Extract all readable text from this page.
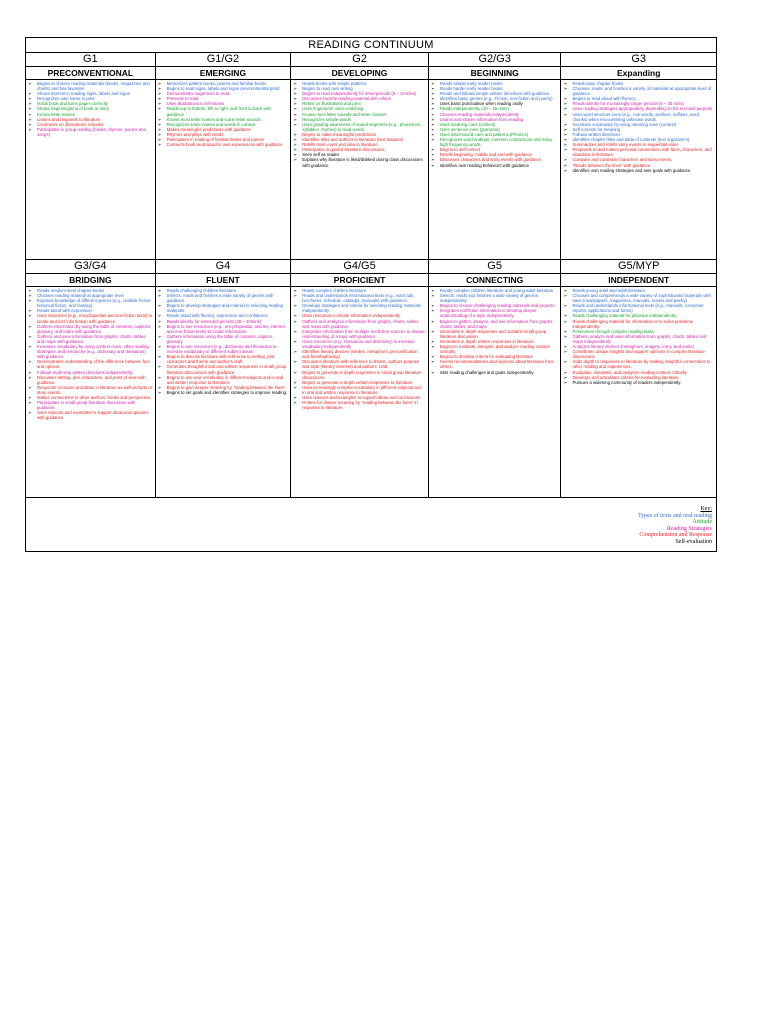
READING CONTINUUM
G1
PRECONVENTIONAL
➢ Begins to choose reading materials (books, magazines and charts) and has favorites
➢ Shows interest in reading signs, labels and logos
➢ Recognizes own name in print
➢ Holds book and turns pages correctly
➢ Shows beginning/end of book or story
➢ Knows letter names
➢ Listens and responds to literature
➢ Comments on illustrations in books
➢ Participates in group reading (books, rhymes, poems and songs)
G1/G2
EMERGING
➢ Memorizes pattern books, poems and familiar books
➢ Begins to read signs, labels and logos (environmental print)
➢ Demonstrates eagerness to read
➢ Pretends to read
➢ Uses illustrations to tell stories
➢ Reads top to bottom, left to right, and front to back with guidance
➢ Knows most letter names and some letter sounds
➢ Recognizes some names and words in context
➢ Makes meaningful predictions with guidance
➢ Rhymes and plays with words
➢ Participates in reading of familiar books and poems
➢ Connects book read aloud to own experiences with guidance
G2
DEVELOPING
➢ Reads books with simple patterns
➢ Begins to read own writing
➢ Begins to read independently for short periods (5 – 10 mins)
➢ Discusses favorite reading material with others
➢ Relies on illustrations and print
➢ Uses finger/print voice matching
➢ Knows most letter sounds and letter clusters
➢ Recognizes simple words
➢ Uses growing awareness of sound segments (e.g., phonemes, syllables, rhymes) to read words
➢ Begins to make meaningful predictions
➢ Identifies titles and authors in literature (text features)
➢ Retells main event and idea in literature
➢ Participates in guided literature discussions
➢ Sees self as reader
➢ Explains why literature is liked/disliked during class discussions with guidance
G2/G3
BEGINNING
➢ Reads simple early reader books
➢ Reads harder early reader books
➢ Reads and follows simple written directions with guidance
➢ Identifies basic genres (e.g., Fiction, non-fiction and poetry)
➢ Uses basic punctuation when reading orally
➢ Reads independently (10 – 15 mins)
➢ Chooses reading materials independently
➢ Learns and shares information from reading
➢ Uses meaning cues (context)
➢ Uses sentence cues (grammar)
➢ Uses letter/sound cues and patterns (Phonics)
➢ Recognizes word endings, common contractions and many high frequency words
➢ Begins to self-correct
➢ Retells beginning, middle and end with guidance
➢ Discusses characters and story events with guidance
➢ Identifies own reading behaviors with guidance
G3
Expanding
➢ Reads easy chapter books
➢ Chooses, reads, and finishes a variety of materials at appropriate level of guidance.
➢ Begins to read aloud with fluency.
➢ Reads silently for increasingly longer periods (5 – 30 mins)
➢ Uses reading strategies appropriately, depending on the text and purpose.
➢ Uses word structure cues (e.g., root words, prefixes, suffixes, word chunks) when encountering unknown words.
➢ Increases vocabulary by using meaning cues (context)
➢ Self corrects for meaning
➢ Follows written directions
➢ Identifies chapter titles and table of contents (text organizer's)
➢ Summarizes and retells story events in sequential order.
➢ Responds to and makes personal connections with facts, characters, and situations in literature.
➢ Compare and contrasts characters and story events.
➢ "Reads between the lines" with guidance.
➢ Identifies own reading strategies and sets goals with guidance.
G3/G4
BRIDGING
➢ Reads medium level chapter books
➢ Chooses reading material at appropriate level
➢ Expands knowledge of different genres (e.g., realistic fiction, historical fiction, and fantasy)
➢ Reads aloud with expression
➢ Uses resources (e.g., encyclopedias and non-fiction texts) to locate and sort information with guidance.
➢ Gathers information by using the table of contents, captions, glossary, and index with guidance.
➢ Gathers and uses information from graphs, charts, tables and maps with guidance.
➢ Increases vocabulary by using context clues, other reading strategies, and resources (e.g., dictionary and thesaurus) with guidance.
➢ Demonstrates understanding of the difference between fact and opinion.
➢ Follows multi-step written directions independently.
➢ Discusses setting, plot, characters, and point of view with guidance.
➢ Responds to issues and ideas in literature as well as facts or story events.
➢ Makes connections to other authors, books and perspective.
➢ Participates in small group literature discussion with guidance.
➢ Uses reasons and examples to support ideas and opinions with guidance.
G4
FLUENT
➢ Reads challenging children literature.
➢ Selects, reads and finishes a wide variety of genres with guidance.
➢ Begins to develop strategies and criteria for selecting reading materials.
➢ Reads aloud with fluency, expression and confidence.
➢ Reads silently for extended periods (30 – 40mins)
➢ Begins to use resources (e.g., encyclopedias, articles, internet, and non-fiction texts) to locate information.
➢ Gathers information using the table of contents, caption, glossary.
➢ Begins to use resources (e.g., dictionary and thesaurus to increase vocabulary in different subject areas.
➢ Begins to discuss literature with reference to setting, plot, characters and theme and author's craft.
➢ Generates thoughtful oral and written responses in small group literature discussions with guidance.
➢ Begins to use new vocabulary in different subjects and in oral and written response to literature.
➢ Begins to gain deeper meaning by "reading between the lines"
➢ Begins to set goals and identifies strategies to improve reading.
G4/G5
PROFICIENT
➢ Reads complex children literature.
➢ Reads and understands informational texts (e.g., want ads, brochures, schedule, catalogs, manuals) with guidance.
➢ Develops strategies and criteria for selecting reading materials independently.
➢ Uses resources to locate information independently.
➢ Gathers and analyzes information from graphs, charts, tables and maps with guidance.
➢ Integrates information from multiple nonfiction sources to deepen understanding of a topic with guidance.
➢ Uses resources (e.g., thesaurus and dictionary) to increase vocabulary independently.
➢ Identifies literary devices (similes, metaphors, personification and foreshadowing)
➢ Discusses literature with reference to theme, authors purpose and style (literary element) and authors' craft.
➢ Begins to generate in depth responses in small group literature discussions.
➢ Begins to generate in depth written responses to literature.
➢ Uses increasingly complex vocabulary in different subjects and in oral and written response to literature.
➢ Uses reasons and examples to support ideas and conclusions.
➢ Probes for deeper meaning by "reading between the lines" in response to literature.
G5
CONNECTING
➢ Reads complex children literature and young adult literature.
➢ Selects, reads and finishes a wide variety of genres independently.
➢ Begins to choose challenging reading materials and projects.
➢ Integrates nonfiction information to develop deeper understanding of a topic independently.
➢ Begins to gather, analyze, and use information from graphs, charts, tables, and maps.
➢ Generates in depth responses and sustains small group literature discussion.
➢ Generates in depth written responses in literature.
➢ Begins to evaluate, interpret, and analyze reading content critically.
➢ Begins to develop criteria for evaluating literature.
➢ Seems recommendations and opinions about literature from others.
➢ Sets reading challenges and goals independently.
G5/MYP
INDEPENDENT
➢ Reads young adult and adult literature.
➢ Chooses and comprehends a wide variety of sophisticated materials with ease (newspapers, magazines, manuals, novels and poetry)
➢ Reads and understands informational texts (e.g., manuals, consumer reports, applications and forms)
➢ Reads challenging material for pleasure independently.
➢ Reads challenging material for information or to solve problems independently.
➢ Perseveres through complex reading tasks
➢ Gathers, analyze and uses information from graphs, charts, tables and maps independently.
➢ Analyzes literary devices (metaphors, imagery, irony, and satire)
➢ Contributes unique insights and support opinions in complex literature discussions.
➢ Adds depth to responses to literature by making insightful connections to other reading and experiences.
➢ Evaluates, interprets, and analyzes reading content critically.
➢ Develops and articulates criteria for evaluating literature.
➢ Pursues a widening community of readers independently.
Key:
Types of texts and oral reading
Attitude
Reading Strategies
Comprehension and Response
Self-evaluation
